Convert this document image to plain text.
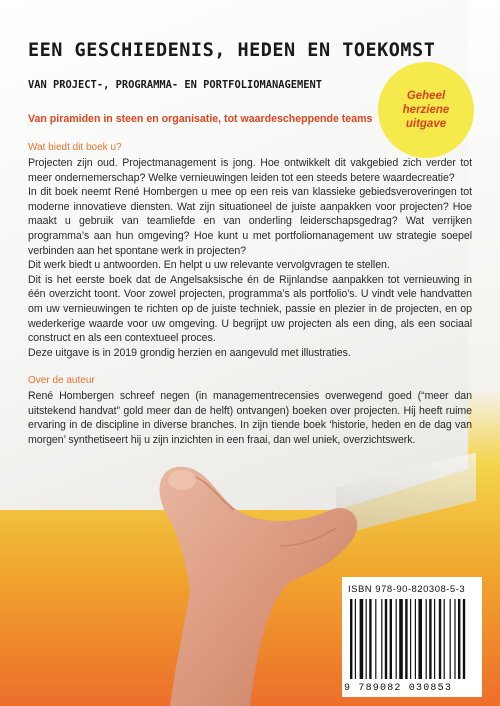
EEN GESCHIEDENIS, HEDEN EN TOEKOMST
VAN PROJECT-, PROGRAMMA- EN PORTFOLIOMANAGEMENT
Geheel
herziene
uitgave
Van piramiden in steen en organisatie, tot waardescheppende teams
Wat biedt dit boek u?

Projecten zijn oud. Projectmanagement is jong. Hoe ontwikkelt dit vakgebied zich verder tot meer ondernemerschap? Welke vernieuwingen leiden tot een steeds betere waardecreatie?

In dit boek neemt René Hombergen u mee op een reis van klassieke gebiedsveroveringen tot moderne innovatieve diensten. Wat zijn situationeel de juiste aanpakken voor projecten? Hoe maakt u gebruik van teamliefde en van onderling leiderschapsgedrag? Wat verrijken programma’s aan hun omgeving? Hoe kunt u met portfoliomanagement uw strategie soepel verbinden aan het spontane werk in projecten?

Dit werk biedt u antwoorden. En helpt u uw relevante vervolgvragen te stellen.

Dit is het eerste boek dat de Angelsaksische én de Rijnlandse aanpakken tot vernieuwing in één overzicht toont. Voor zowel projecten, programma’s als portfolio’s. U vindt vele handvatten om uw vernieuwingen te richten op de juiste techniek, passie en plezier in de projecten, en op wederkerige waarde voor uw omgeving. U begrijpt uw projecten als een ding, als een sociaal construct en als een contextueel proces.

Deze uitgave is in 2019 grondig herzien en aangevuld met illustraties.

Over de auteur

René Hombergen schreef negen (in managementrecensies overwegend goed (“meer dan uitstekend handvat” gold meer dan de helft) ontvangen) boeken over projecten. Hij heeft ruime ervaring in de discipline in diverse branches. In zijn tiende boek ‘historie, heden en de dag van morgen’ synthetiseert hij u zijn inzichten in een fraai, dan wel uniek, overzichtswerk.

ISBN 978-90-820308-5-3
9 789082 030853
